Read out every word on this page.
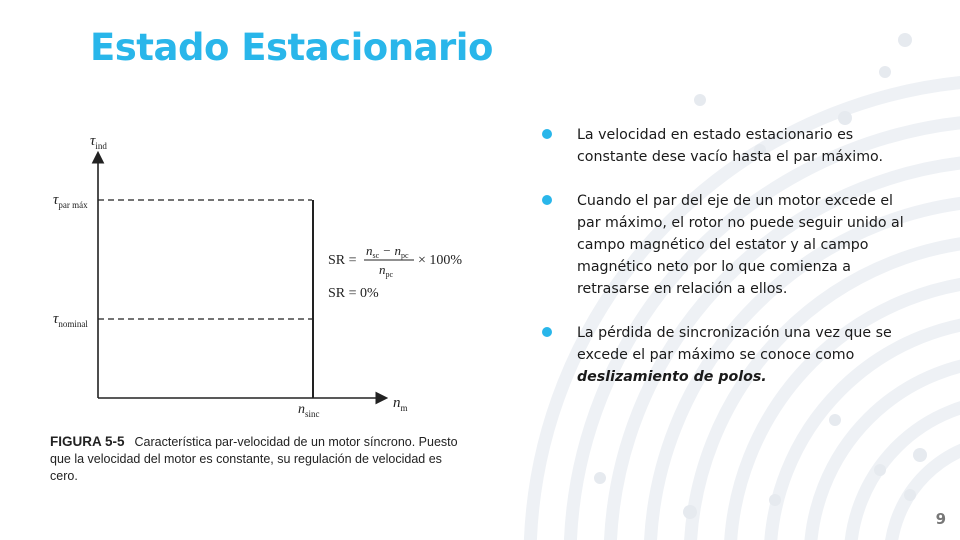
Estado Estacionario
$\tau_{ind}$
$\tau_{par máx}$
$\tau_{nominal}$
$n_m$
$n_{sinc}$
SR =
$n_{sc} - n_{pc}$
$n_{pc}$
× 100%
SR = 0%

FIGURA 5-5 Característica par-velocidad de un motor síncrono. Puesto que la velocidad del motor es constante, su regulación de velocidad es cero.

La velocidad en estado estacionario es constante dese vacío hasta el par máximo.
Cuando el par del eje de un motor excede el par máximo, el rotor no puede seguir unido al campo magnético del estator y al campo magnético neto por lo que comienza a retrasarse en relación a ellos.
La pérdida de sincronización una vez que se excede el par máximo se conoce como deslizamiento de polos.
9
